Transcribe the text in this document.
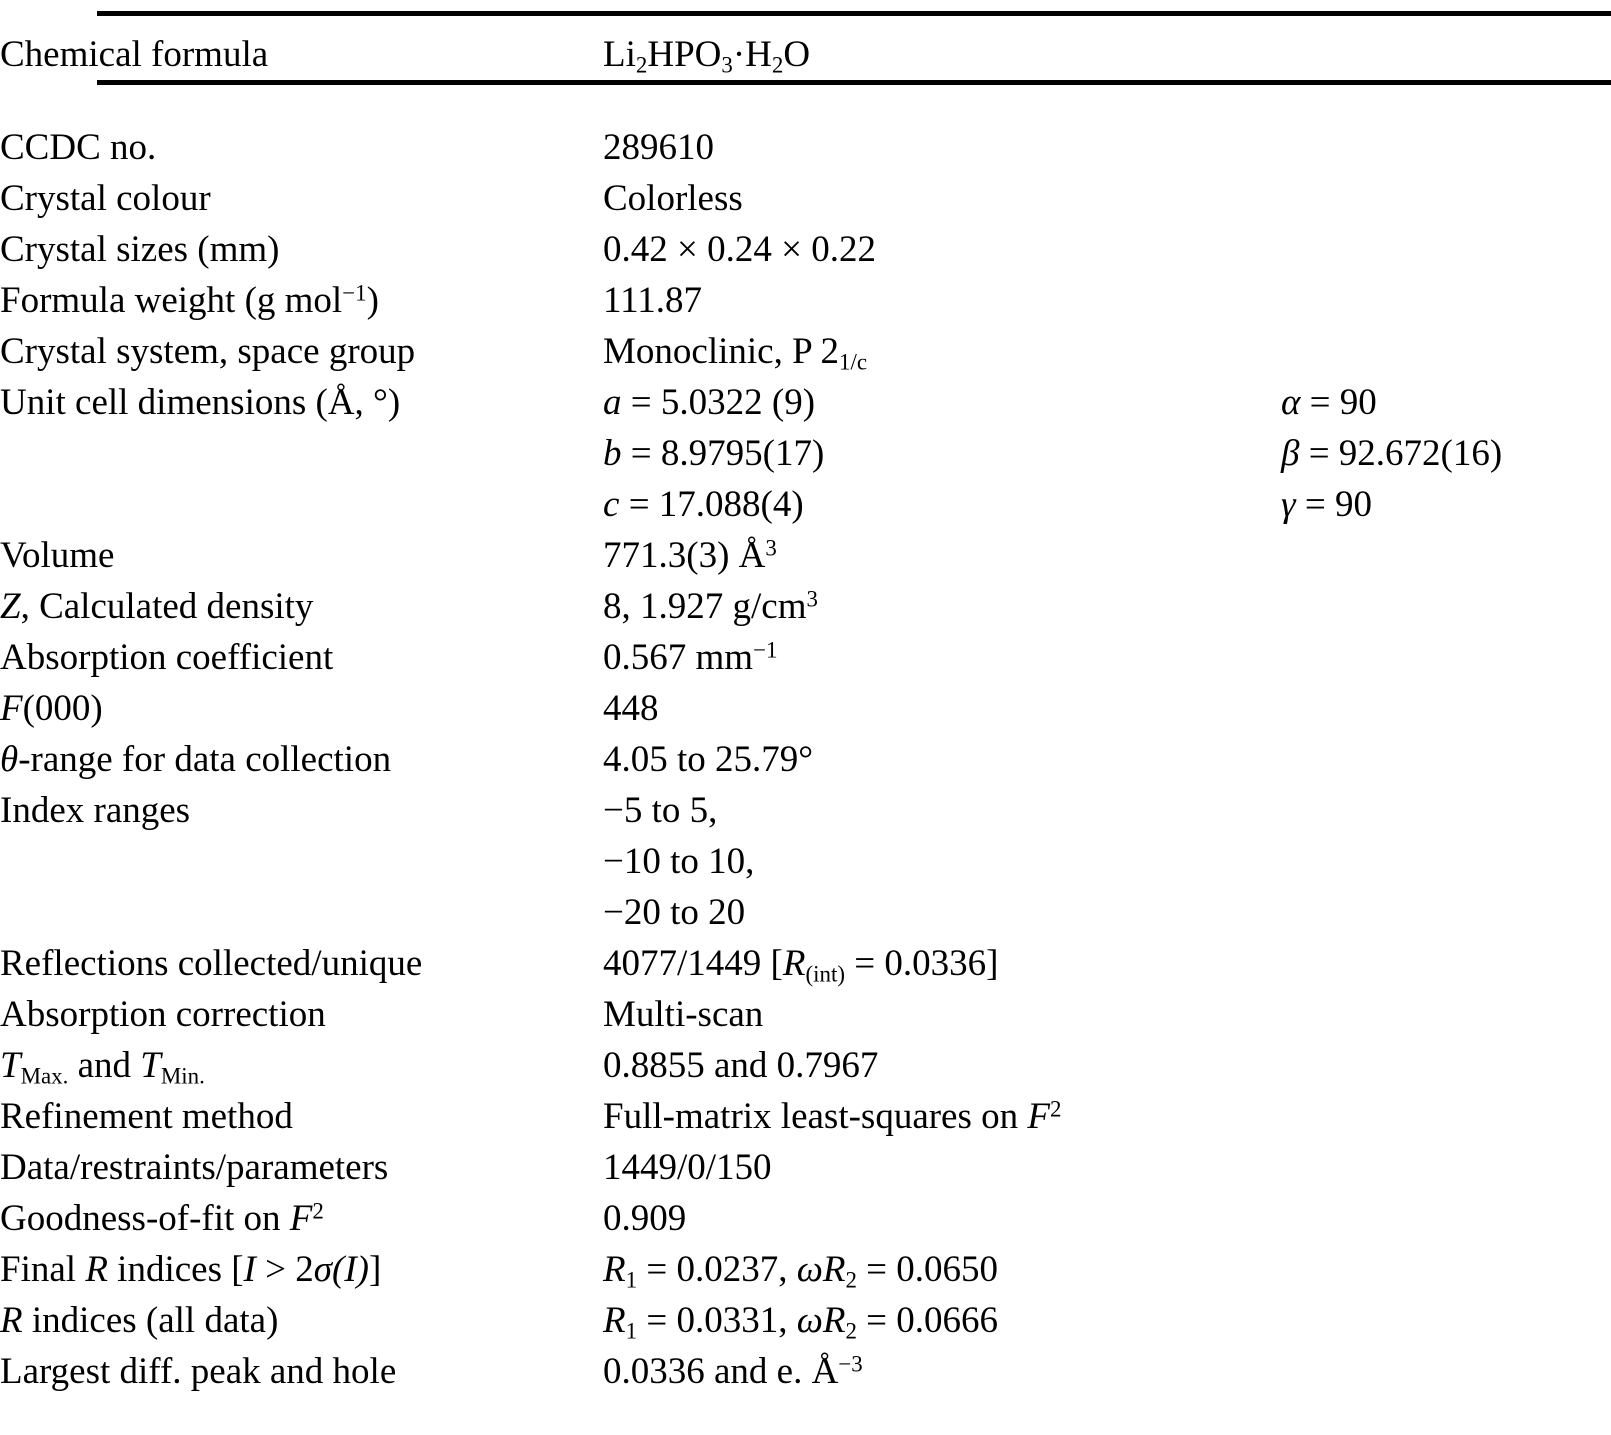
Chemical formula	$Li_2HPO_3\cdot H_2O$	

CCDC no.	289610	
Crystal colour	Colorless	
Crystal sizes (mm)	0.42 × 0.24 × 0.22	
Formula weight (g mol$^{-1}$)	111.87	
Crystal system, space group	Monoclinic, P $2_{1/c}$	
Unit cell dimensions (Å, °)	a = 5.0322 (9)	α = 90
	b = 8.9795(17)	β = 92.672(16)
	c = 17.088(4)	γ = 90
Volume	771.3(3) $Å^3$	
Z, Calculated density	8, 1.927 $g/cm^3$	
Absorption coefficient	0.567 $mm^{-1}$	
F(000)	448	
θ-range for data collection	4.05 to 25.79°	
Index ranges	−5 to 5,	
	−10 to 10,	
	−20 to 20	
Reflections collected/unique	4077/1449 $[R_{(int)} = 0.0336]$	
Absorption correction	Multi-scan	
$T_{Max.}$ and $T_{Min.}$	0.8855 and 0.7967	
Refinement method	Full-matrix least-squares on $F^2$	
Data/restraints/parameters	1449/0/150	
Goodness-of-fit on $F^2$	0.909	
Final R indices [I > 2σ(I)]	$R_1 = 0.0237$, $\omega R_2 = 0.0650$	
R indices (all data)	$R_1 = 0.0331$, $\omega R_2 = 0.0666$	
Largest diff. peak and hole	0.0336 and e. $Å^{-3}$	
